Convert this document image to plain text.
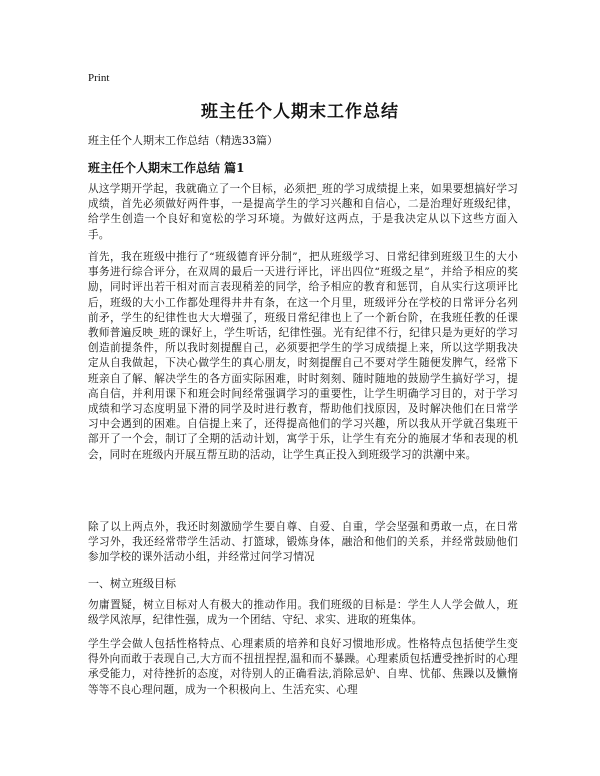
Print
班主任个人期末工作总结
班主任个人期末工作总结（精选33篇）
班主任个人期末工作总结 篇1

从这学期开学起，我就确立了一个目标，必须把_班的学习成绩提上来，如果要想搞好学习成绩，首先必须做好两件事，一是提高学生的学习兴趣和自信心，二是治理好班级纪律，给学生创造一个良好和宽松的学习环境。为做好这两点，于是我决定从以下这些方面入手。

首先，我在班级中推行了“班级德育评分制”，把从班级学习、日常纪律到班级卫生的大小事务进行综合评分，在双周的最后一天进行评比，评出四位“班级之星”，并给予相应的奖励，同时评出若干相对而言表现稍差的同学，给予相应的教育和惩罚，自从实行这项评比后，班级的大小工作都处理得井井有条，在这一个月里，班级评分在学校的日常评分名列前矛，学生的纪律性也大大增强了，班级日常纪律也上了一个新台阶，在我班任教的任课教师普遍反映_班的课好上，学生听话，纪律性强。光有纪律不行，纪律只是为更好的学习创造前提条件，所以我时刻提醒自己，必须要把学生的学习成绩提上来，所以这学期我决定从自我做起，下决心做学生的真心朋友，时刻提醒自己不要对学生随便发脾气，经常下班亲自了解、解决学生的各方面实际困难，时时刻刻、随时随地的鼓励学生搞好学习，提高自信，并利用课下和班会时间经常强调学习的重要性，让学生明确学习目的，对于学习成绩和学习态度明显下滑的同学及时进行教育，帮助他们找原因，及时解决他们在日常学习中会遇到的困难。自信提上来了，还得提高他们的学习兴趣，所以我从开学就召集班干部开了一个会，制订了全期的活动计划，寓学于乐，让学生有充分的施展才华和表现的机会，同时在班级内开展互帮互助的活动，让学生真正投入到班级学习的洪潮中来。

除了以上两点外，我还时刻激励学生要自尊、自爱、自重，学会坚强和勇敢一点，在日常学习外，我还经常带学生活动、打篮球，锻炼身体，融洽和他们的关系，并经常鼓励他们参加学校的课外活动小组，并经常过问学习情况

一、树立班级目标

勿庸置疑，树立目标对人有极大的推动作用。我们班级的目标是：学生人人学会做人，班级学风浓厚，纪律性强，成为一个团结、守纪、求实、进取的班集体。

学生学会做人包括性格特点、心理素质的培养和良好习惯地形成。性格特点包括使学生变得外向而敢于表现自己,大方而不扭扭捏捏,温和而不暴躁。心理素质包括遭受挫折时的心理承受能力，对待挫折的态度，对待别人的正确看法,消除忌妒、自卑、忧郁、焦躁以及懒惰等等不良心理问题，成为一个积极向上、生活充实、心理
